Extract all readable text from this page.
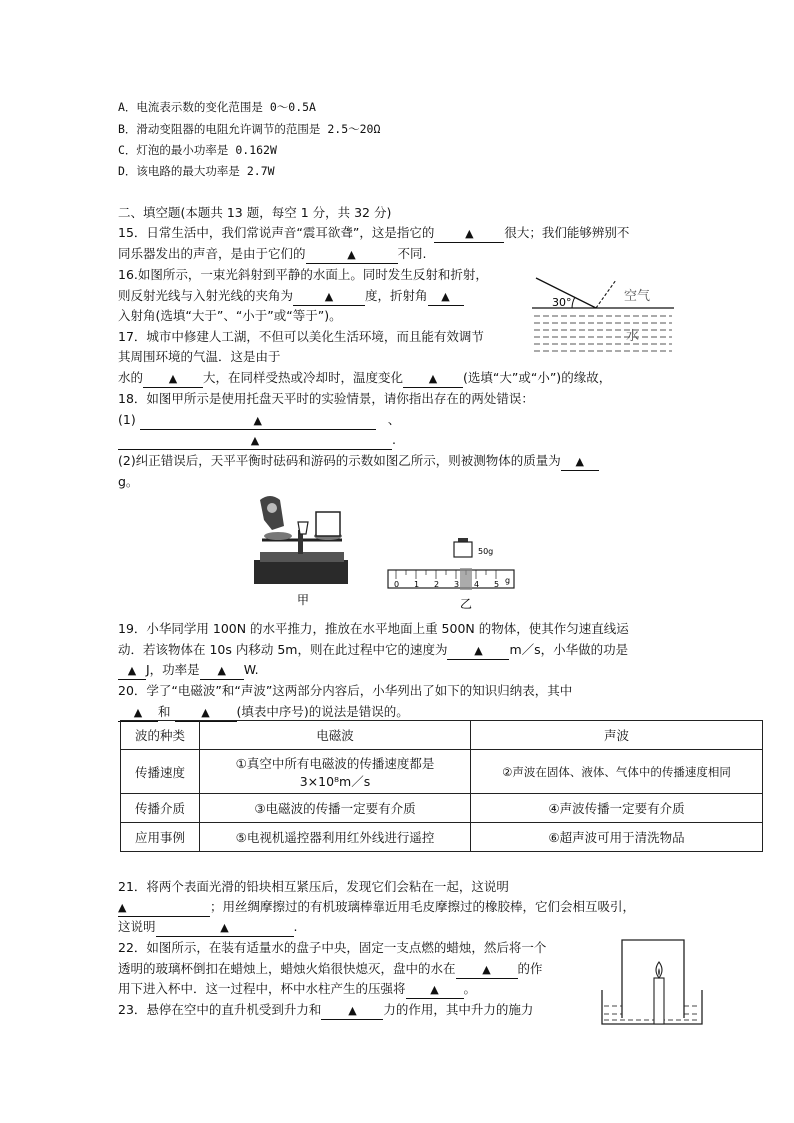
A．电流表示数的变化范围是 0～0.5A
B．滑动变阻器的电阻允许调节的范围是 2.5～20Ω
C．灯泡的最小功率是 0.162W
D．该电路的最大功率是 2.7W
二、填空题(本题共 13 题，每空 1 分，共 32 分)
15．日常生活中，我们常说声音“震耳欲聋”，这是指它的	▲ 很大；我们能够辨别不
同乐器发出的声音，是由于它们的	▲	不同.
16.如图所示，一束光斜射到平静的水面上。同时发生反射和折射，
则反射光线与入射光线的夹角为	▲	度，折射角 ▲
入射角(选填“大于”、“小于”或“等于”)。
30°	空气
水
17．城市中修建人工湖，不但可以美化生活环境，而且能有效调节
其周围环境的气温．这是由于
水的 ▲ 大，在同样受热或冷却时，温度变化 ▲ (选填“大”或“小”)的缘故，
18．如图甲所示是使用托盘天平时的实验情景，请你指出存在的两处错误：
(1)	▲	、
▲	.
(2)纠正错误后，天平平衡时砝码和游码的示数如图乙所示，则被测物体的质量为 ▲
g。
甲
50g
0 1 2 3 4 5 g
乙
19．小华同学用 100N 的水平推力，推放在水平地面上重 500N 的物体，使其作匀速直线运
动．若该物体在 10s 内移动 5m，则在此过程中它的速度为 ▲ m／s，小华做的功是
▲ J，功率是 ▲ W.
20．学了“电磁波”和“声波”这两部分内容后，小华列出了如下的知识归纳表，其中
▲ 和	▲ (填表中序号)的说法是错误的。
波的种类	电磁波	声波
传播速度	①真空中所有电磁波的传播速度都是
3×10⁸m／s	②声波在固体、液体、气体中的传播速度相同
传播介质	③电磁波的传播一定要有介质	④声波传播一定要有介质
应用事例	⑤电视机遥控器利用红外线进行遥控	⑥超声波可用于清洗物品
21．将两个表面光滑的铅块相互紧压后，发现它们会粘在一起，这说明
▲	；用丝绸摩擦过的有机玻璃棒靠近用毛皮摩擦过的橡胶棒，它们会相互吸引，
这说明	▲	.
22．如图所示，在装有适量水的盘子中央，固定一支点燃的蜡烛，然后将一个
透明的玻璃杯倒扣在蜡烛上，蜡烛火焰很快熄灭，盘中的水在 ▲ 的作
用下进入杯中．这一过程中，杯中水柱产生的压强将 ▲ 。
23．悬停在空中的直升机受到升力和 ▲ 力的作用，其中升力的施力
